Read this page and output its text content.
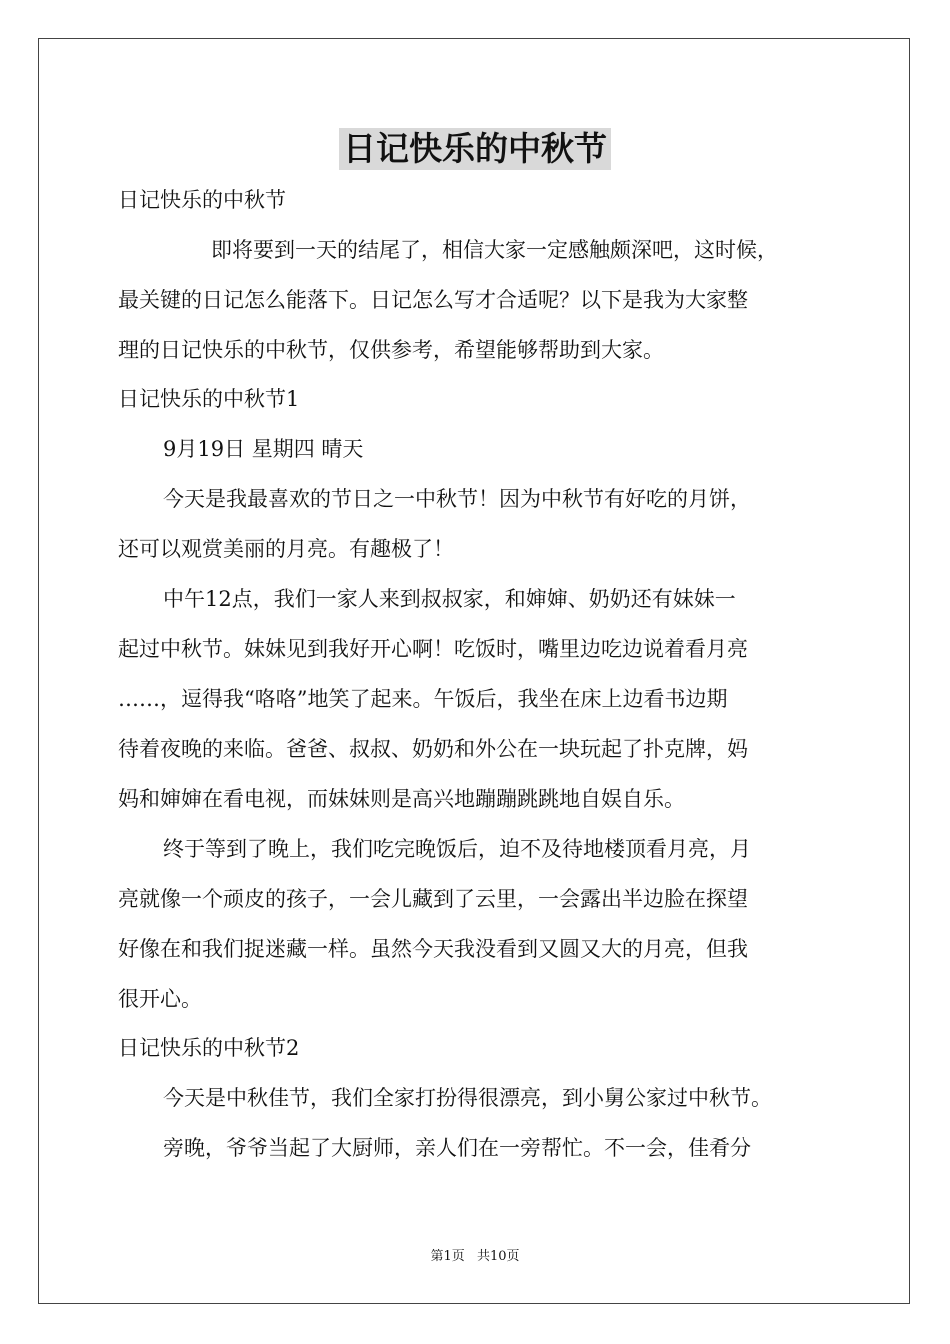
日记快乐的中秋节
日记快乐的中秋节
即将要到一天的结尾了，相信大家一定感触颇深吧，这时候，
最关键的日记怎么能落下。日记怎么写才合适呢？以下是我为大家整
理的日记快乐的中秋节，仅供参考，希望能够帮助到大家。
日记快乐的中秋节1
9月19日 星期四 晴天
今天是我最喜欢的节日之一中秋节！因为中秋节有好吃的月饼，
还可以观赏美丽的月亮。有趣极了！
中午12点，我们一家人来到叔叔家，和婶婶、奶奶还有妹妹一
起过中秋节。妹妹见到我好开心啊！吃饭时，嘴里边吃边说着看月亮
……，逗得我“咯咯”地笑了起来。午饭后，我坐在床上边看书边期
待着夜晚的来临。爸爸、叔叔、奶奶和外公在一块玩起了扑克牌，妈
妈和婶婶在看电视，而妹妹则是高兴地蹦蹦跳跳地自娱自乐。
终于等到了晚上，我们吃完晚饭后，迫不及待地楼顶看月亮，月
亮就像一个顽皮的孩子，一会儿藏到了云里，一会露出半边脸在探望
好像在和我们捉迷藏一样。虽然今天我没看到又圆又大的月亮，但我
很开心。
日记快乐的中秋节2
今天是中秋佳节，我们全家打扮得很漂亮，到小舅公家过中秋节。
旁晚，爷爷当起了大厨师，亲人们在一旁帮忙。不一会，佳肴分
第1页 共10页
